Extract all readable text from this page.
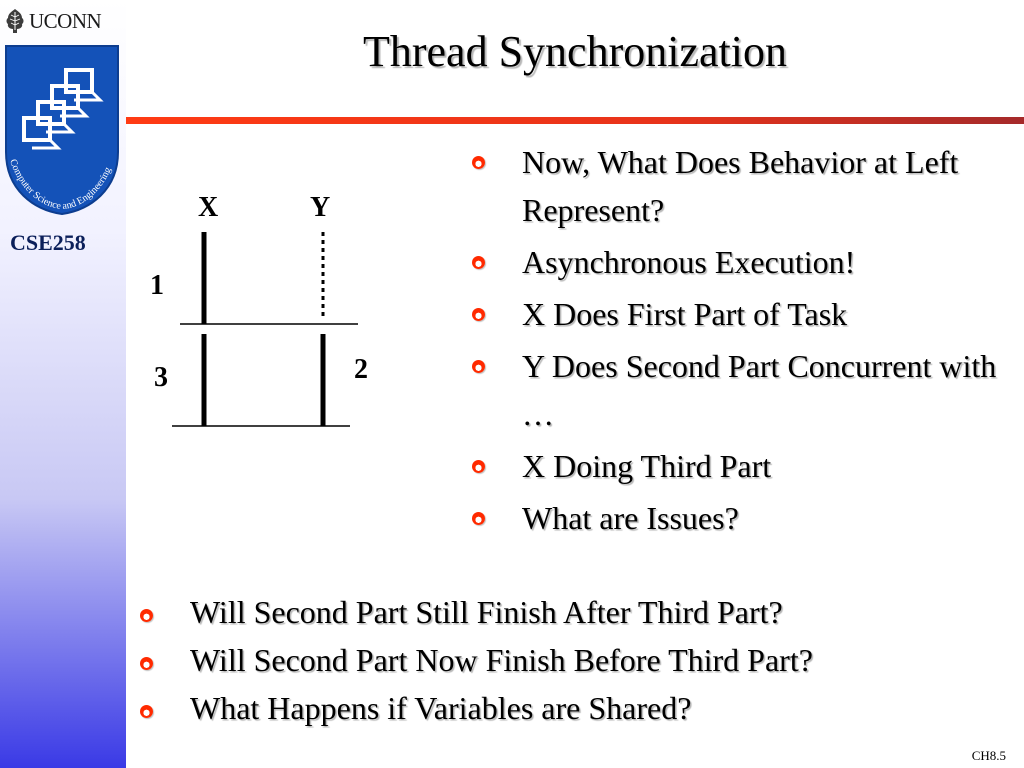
UCONN
Computer Science and Engineering
CSE258
Thread Synchronization
X	Y
1
2
3
Now, What Does Behavior at Left Represent?
Asynchronous Execution!
X Does First Part of Task
Y Does Second Part Concurrent with …
X Doing Third Part
What are Issues?
Will Second Part Still Finish After Third Part?
Will Second Part Now Finish Before Third Part?
What Happens if Variables are Shared?
CH8.5
